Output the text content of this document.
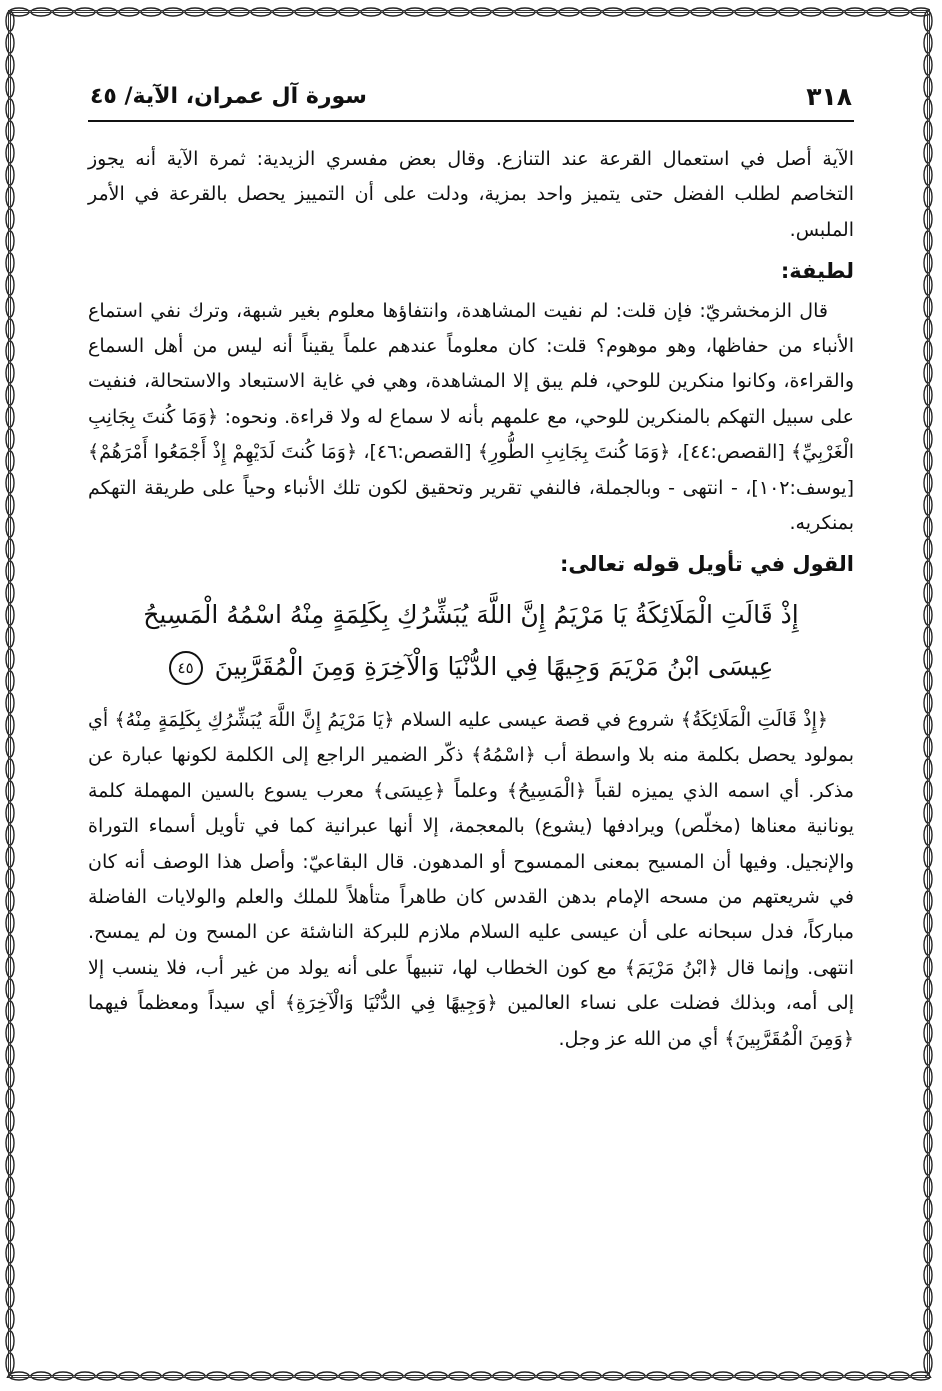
٣١٨
سورة آل عمران، الآية/ ٤٥

الآية أصل في استعمال القرعة عند التنازع. وقال بعض مفسري الزيدية: ثمرة الآية أنه يجوز التخاصم لطلب الفضل حتى يتميز واحد بمزية، ودلت على أن التمييز يحصل بالقرعة في الأمر الملبس.

لطيفة:

قال الزمخشريّ: فإن قلت: لم نفيت المشاهدة، وانتفاؤها معلوم بغير شبهة، وترك نفي استماع الأنباء من حفاظها، وهو موهوم؟ قلت: كان معلوماً عندهم علماً يقيناً أنه ليس من أهل السماع والقراءة، وكانوا منكرين للوحي، فلم يبق إلا المشاهدة، وهي في غاية الاستبعاد والاستحالة، فنفيت على سبيل التهكم بالمنكرين للوحي، مع علمهم بأنه لا سماع له ولا قراءة. ونحوه: ﴿وَمَا كُنتَ بِجَانِبِ الْغَرْبِيِّ﴾ [القصص:٤٤]، ﴿وَمَا كُنتَ بِجَانِبِ الطُّورِ﴾ [القصص:٤٦]، ﴿وَمَا كُنتَ لَدَيْهِمْ إِذْ أَجْمَعُوا أَمْرَهُمْ﴾ [يوسف:١٠٢]، - انتهى - وبالجملة، فالنفي تقرير وتحقيق لكون تلك الأنباء وحياً على طريقة التهكم بمنكريه.

القول في تأويل قوله تعالى:

إِذْ قَالَتِ الْمَلَائِكَةُ يَا مَرْيَمُ إِنَّ اللَّهَ يُبَشِّرُكِ بِكَلِمَةٍ مِنْهُ اسْمُهُ الْمَسِيحُ
عِيسَى ابْنُ مَرْيَمَ وَجِيهًا فِي الدُّنْيَا وَالْآخِرَةِ وَمِنَ الْمُقَرَّبِينَ ٤٥

﴿إِذْ قَالَتِ الْمَلَائِكَةُ﴾ شروع في قصة عيسى عليه السلام ﴿يَا مَرْيَمُ إِنَّ اللَّهَ يُبَشِّرُكِ بِكَلِمَةٍ مِنْهُ﴾ أي بمولود يحصل بكلمة منه بلا واسطة أب ﴿اسْمُهُ﴾ ذكّر الضمير الراجع إلى الكلمة لكونها عبارة عن مذكر. أي اسمه الذي يميزه لقباً ﴿الْمَسِيحُ﴾ وعلماً ﴿عِيسَى﴾ معرب يسوع بالسين المهملة كلمة يونانية معناها (مخلّص) ويرادفها (يشوع) بالمعجمة، إلا أنها عبرانية كما في تأويل أسماء التوراة والإنجيل. وفيها أن المسيح بمعنى الممسوح أو المدهون. قال البقاعيّ: وأصل هذا الوصف أنه كان في شريعتهم من مسحه الإمام بدهن القدس كان طاهراً متأهلاً للملك والعلم والولايات الفاضلة مباركاً، فدل سبحانه على أن عيسى عليه السلام ملازم للبركة الناشئة عن المسح ون لم يمسح. انتهى. وإنما قال ﴿ابْنُ مَرْيَمَ﴾ مع كون الخطاب لها، تنبيهاً على أنه يولد من غير أب، فلا ينسب إلا إلى أمه، وبذلك فضلت على نساء العالمين ﴿وَجِيهًا فِي الدُّنْيَا وَالْآخِرَةِ﴾ أي سيداً ومعظماً فيهما ﴿وَمِنَ الْمُقَرَّبِينَ﴾ أي من الله عز وجل.
